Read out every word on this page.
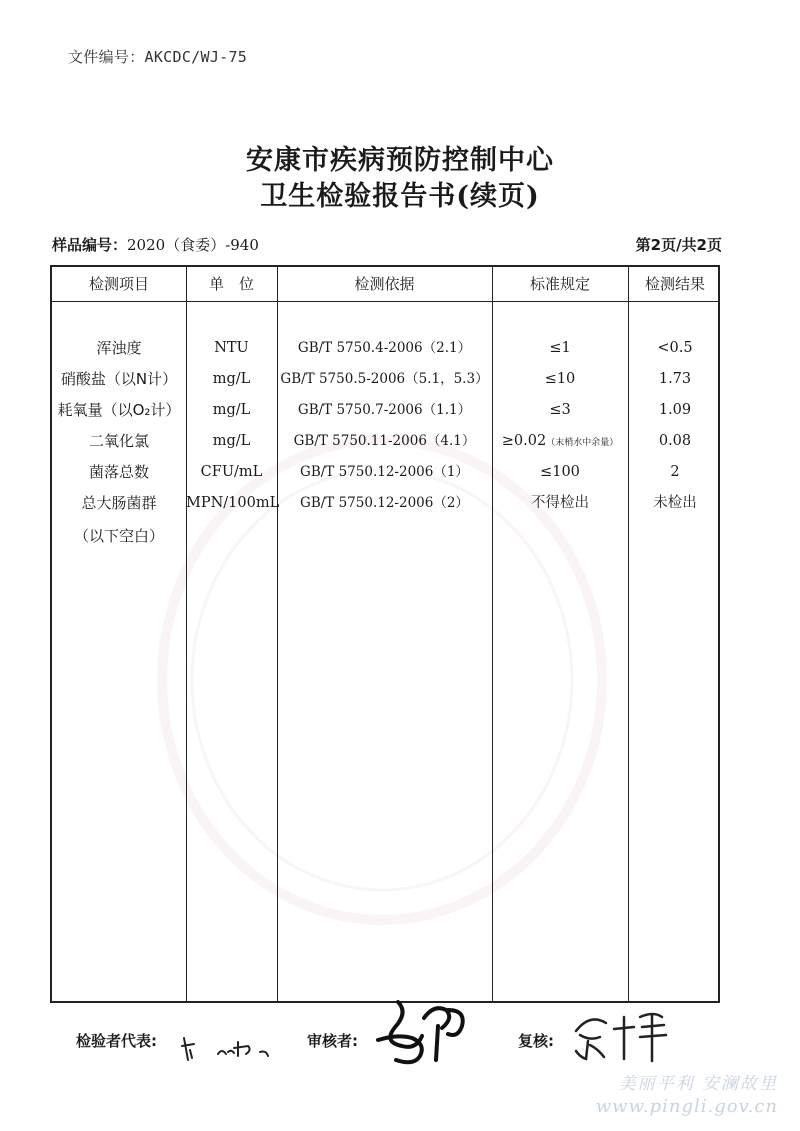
文件编号：AKCDC/WJ-75
安康市疾病预防控制中心
卫生检验报告书(续页)
样品编号：2020（食委）-940	第2页/共2页
检测项目	单　位	检测依据	标准规定	检测结果
浑浊度	NTU	GB/T 5750.4-2006（2.1）	≤1	<0.5
硝酸盐（以N计）	mg/L	GB/T 5750.5-2006（5.1，5.3）	≤10	1.73
耗氧量（以O₂计）	mg/L	GB/T 5750.7-2006（1.1）	≤3	1.09
二氧化氯	mg/L	GB/T 5750.11-2006（4.1）	≥0.02（末梢水中余量）	0.08
菌落总数	CFU/mL	GB/T 5750.12-2006（1）	≤100	2
总大肠菌群	MPN/100mL	GB/T 5750.12-2006（2）	不得检出	未检出
（以下空白）
检验者代表:	审核者:	复核:
美丽平利 安澜故里
www.pingli.gov.cn
